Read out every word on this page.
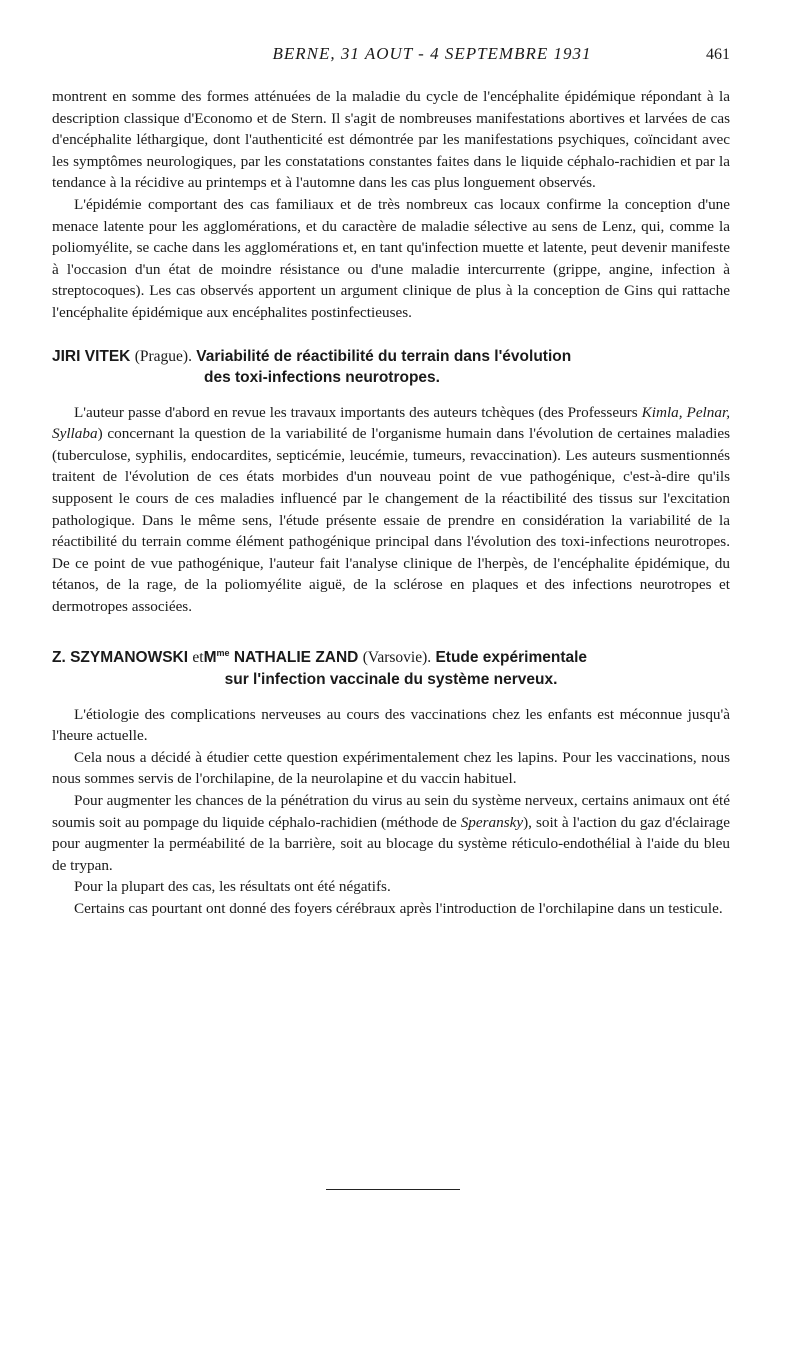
BERNE, 31 AOUT - 4 SEPTEMBRE 1931	461

montrent en somme des formes atténuées de la maladie du cycle de l'encéphalite épidémique répondant à la description classique d'Economo et de Stern. Il s'agit de nombreuses manifestations abortives et larvées de cas d'encéphalite léthargique, dont l'authenticité est démontrée par les manifestations psychiques, coïncidant avec les symptômes neurologiques, par les constatations constantes faites dans le liquide céphalo-rachidien et par la tendance à la récidive au printemps et à l'automne dans les cas plus longuement observés.

L'épidémie comportant des cas familiaux et de très nombreux cas locaux confirme la conception d'une menace latente pour les agglomérations, et du caractère de maladie sélective au sens de Lenz, qui, comme la poliomyélite, se cache dans les agglomérations et, en tant qu'infection muette et latente, peut devenir manifeste à l'occasion d'un état de moindre résistance ou d'une maladie intercurrente (grippe, angine, infection à streptocoques). Les cas observés apportent un argument clinique de plus à la conception de Gins qui rattache l'encéphalite épidémique aux encéphalites postinfectieuses.

JIRI VITEK (Prague). Variabilité de réactibilité du terrain dans l'évolution
des toxi-infections neurotropes.

L'auteur passe d'abord en revue les travaux importants des auteurs tchèques (des Professeurs Kimla, Pelnar, Syllaba) concernant la question de la variabilité de l'organisme humain dans l'évolution de certaines maladies (tuberculose, syphilis, endocardites, septicémie, leucémie, tumeurs, revaccination). Les auteurs susmentionnés traitent de l'évolution de ces états morbides d'un nouveau point de vue pathogénique, c'est-à-dire qu'ils supposent le cours de ces maladies influencé par le changement de la réactibilité des tissus sur l'excitation pathologique. Dans le même sens, l'étude présente essaie de prendre en considération la variabilité de la réactibilité du terrain comme élément pathogénique principal dans l'évolution des toxi-infections neurotropes. De ce point de vue pathogénique, l'auteur fait l'analyse clinique de l'herpès, de l'encéphalite épidémique, du tétanos, de la rage, de la poliomyélite aiguë, de la sclérose en plaques et des infections neurotropes et dermotropes associées.

Z. SZYMANOWSKI etM$^{me}$ NATHALIE ZAND (Varsovie). Etude expérimentale
sur l'infection vaccinale du système nerveux.

L'étiologie des complications nerveuses au cours des vaccinations chez les enfants est méconnue jusqu'à l'heure actuelle.

Cela nous a décidé à étudier cette question expérimentalement chez les lapins. Pour les vaccinations, nous nous sommes servis de l'orchilapine, de la neurolapine et du vaccin habituel.

Pour augmenter les chances de la pénétration du virus au sein du système nerveux, certains animaux ont été soumis soit au pompage du liquide céphalo-rachidien (méthode de Speransky), soit à l'action du gaz d'éclairage pour augmenter la perméabilité de la barrière, soit au blocage du système réticulo-endothélial à l'aide du bleu de trypan.

Pour la plupart des cas, les résultats ont été négatifs.

Certains cas pourtant ont donné des foyers cérébraux après l'introduction de l'orchilapine dans un testicule.
